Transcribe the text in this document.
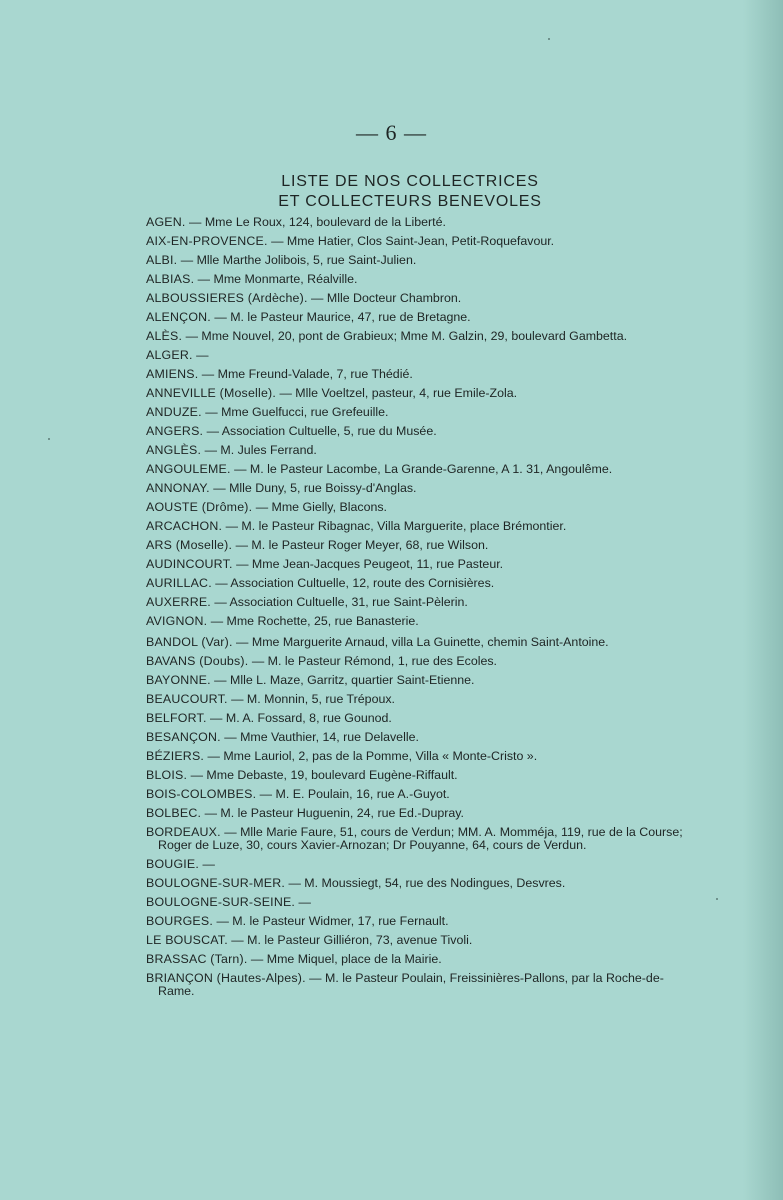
— 6 —
LISTE DE NOS COLLECTRICES
ET COLLECTEURS BENEVOLES
AGEN. — Mme Le Roux, 124, boulevard de la Liberté.
AIX-EN-PROVENCE. — Mme Hatier, Clos Saint-Jean, Petit-Roquefavour.
ALBI. — Mlle Marthe Jolibois, 5, rue Saint-Julien.
ALBIAS. — Mme Monmarte, Réalville.
ALBOUSSIERES (Ardèche). — Mlle Docteur Chambron.
ALENÇON. — M. le Pasteur Maurice, 47, rue de Bretagne.
ALÈS. — Mme Nouvel, 20, pont de Grabieux; Mme M. Galzin, 29, boulevard Gambetta.
ALGER. —
AMIENS. — Mme Freund-Valade, 7, rue Thédié.
ANNEVILLE (Moselle). — Mlle Voeltzel, pasteur, 4, rue Emile-Zola.
ANDUZE. — Mme Guelfucci, rue Grefeuille.
ANGERS. — Association Cultuelle, 5, rue du Musée.
ANGLÈS. — M. Jules Ferrand.
ANGOULEME. — M. le Pasteur Lacombe, La Grande-Garenne, A 1. 31, Angoulême.
ANNONAY. — Mlle Duny, 5, rue Boissy-d'Anglas.
AOUSTE (Drôme). — Mme Gielly, Blacons.
ARCACHON. — M. le Pasteur Ribagnac, Villa Marguerite, place Brémontier.
ARS (Moselle). — M. le Pasteur Roger Meyer, 68, rue Wilson.
AUDINCOURT. — Mme Jean-Jacques Peugeot, 11, rue Pasteur.
AURILLAC. — Association Cultuelle, 12, route des Cornisières.
AUXERRE. — Association Cultuelle, 31, rue Saint-Pèlerin.
AVIGNON. — Mme Rochette, 25, rue Banasterie.
BANDOL (Var). — Mme Marguerite Arnaud, villa La Guinette, chemin Saint-Antoine.
BAVANS (Doubs). — M. le Pasteur Rémond, 1, rue des Ecoles.
BAYONNE. — Mlle L. Maze, Garritz, quartier Saint-Etienne.
BEAUCOURT. — M. Monnin, 5, rue Trépoux.
BELFORT. — M. A. Fossard, 8, rue Gounod.
BESANÇON. — Mme Vauthier, 14, rue Delavelle.
BÉZIERS. — Mme Lauriol, 2, pas de la Pomme, Villa « Monte-Cristo ».
BLOIS. — Mme Debaste, 19, boulevard Eugène-Riffault.
BOIS-COLOMBES. — M. E. Poulain, 16, rue A.-Guyot.
BOLBEC. — M. le Pasteur Huguenin, 24, rue Ed.-Dupray.
BORDEAUX. — Mlle Marie Faure, 51, cours de Verdun; MM. A. Momméja, 119, rue de la Course; Roger de Luze, 30, cours Xavier-Arnozan; Dr Pouyanne, 64, cours de Verdun.
BOUGIE. —
BOULOGNE-SUR-MER. — M. Moussiegt, 54, rue des Nodingues, Desvres.
BOULOGNE-SUR-SEINE. —
BOURGES. — M. le Pasteur Widmer, 17, rue Fernault.
LE BOUSCAT. — M. le Pasteur Gilliéron, 73, avenue Tivoli.
BRASSAC (Tarn). — Mme Miquel, place de la Mairie.
BRIANÇON (Hautes-Alpes). — M. le Pasteur Poulain, Freissinières-Pallons, par la Roche-de-Rame.
